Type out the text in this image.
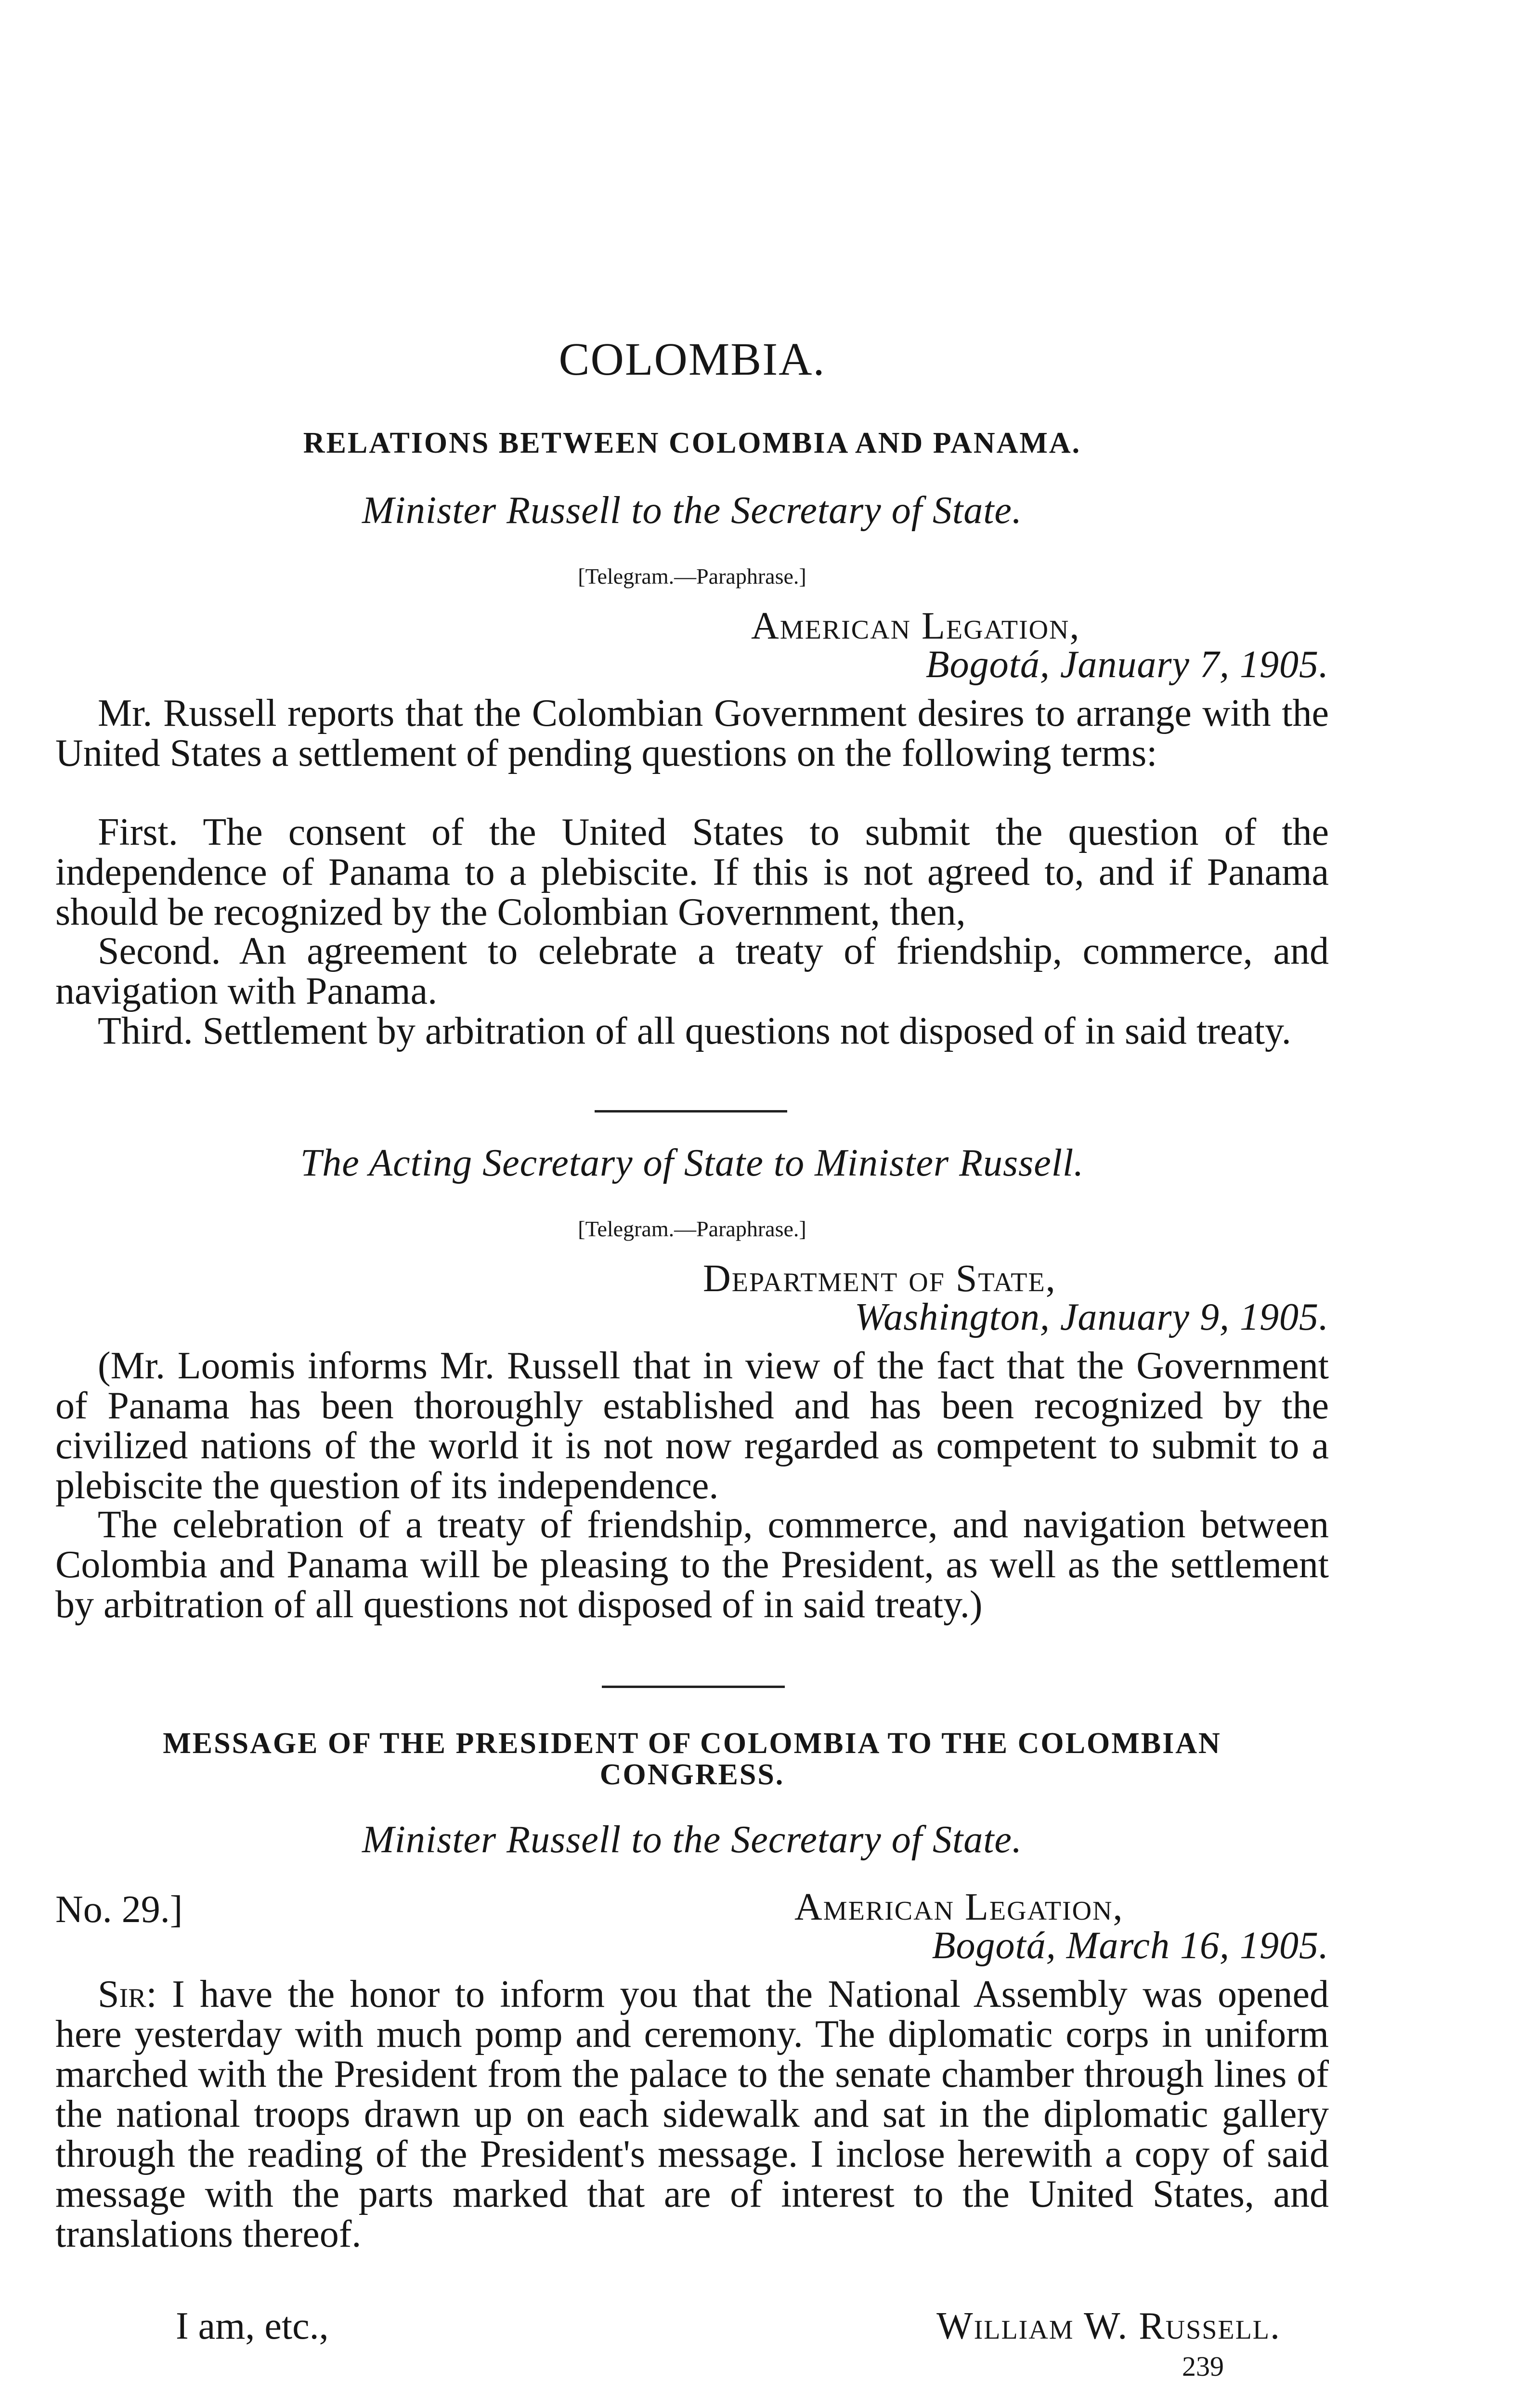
COLOMBIA.
RELATIONS BETWEEN COLOMBIA AND PANAMA.
Minister Russell to the Secretary of State.
[Telegram.—Paraphrase.]
American Legation,
Bogotá, January 7, 1905.

Mr. Russell reports that the Colombian Government desires to arrange with the United States a settlement of pending questions on the following terms:

First. The consent of the United States to submit the question of the independence of Panama to a plebiscite. If this is not agreed to, and if Panama should be recognized by the Colombian Government, then,

Second. An agreement to celebrate a treaty of friendship, commerce, and navigation with Panama.

Third. Settlement by arbitration of all questions not disposed of in said treaty.

The Acting Secretary of State to Minister Russell.
[Telegram.—Paraphrase.]
Department of State,
Washington, January 9, 1905.

(Mr. Loomis informs Mr. Russell that in view of the fact that the Government of Panama has been thoroughly established and has been recognized by the civilized nations of the world it is not now regarded as competent to submit to a plebiscite the question of its independence.

The celebration of a treaty of friendship, commerce, and navigation between Colombia and Panama will be pleasing to the President, as well as the settlement by arbitration of all questions not disposed of in said treaty.)

MESSAGE OF THE PRESIDENT OF COLOMBIA TO THE COLOMBIAN
CONGRESS.
Minister Russell to the Secretary of State.
No. 29.]	American Legation,
Bogotá, March 16, 1905.

Sir: I have the honor to inform you that the National Assembly was opened here yesterday with much pomp and ceremony. The diplomatic corps in uniform marched with the President from the palace to the senate chamber through lines of the national troops drawn up on each sidewalk and sat in the diplomatic gallery through the reading of the President's message. I inclose herewith a copy of said message with the parts marked that are of interest to the United States, and translations thereof.

I am, etc.,	William W. Russell.
239
